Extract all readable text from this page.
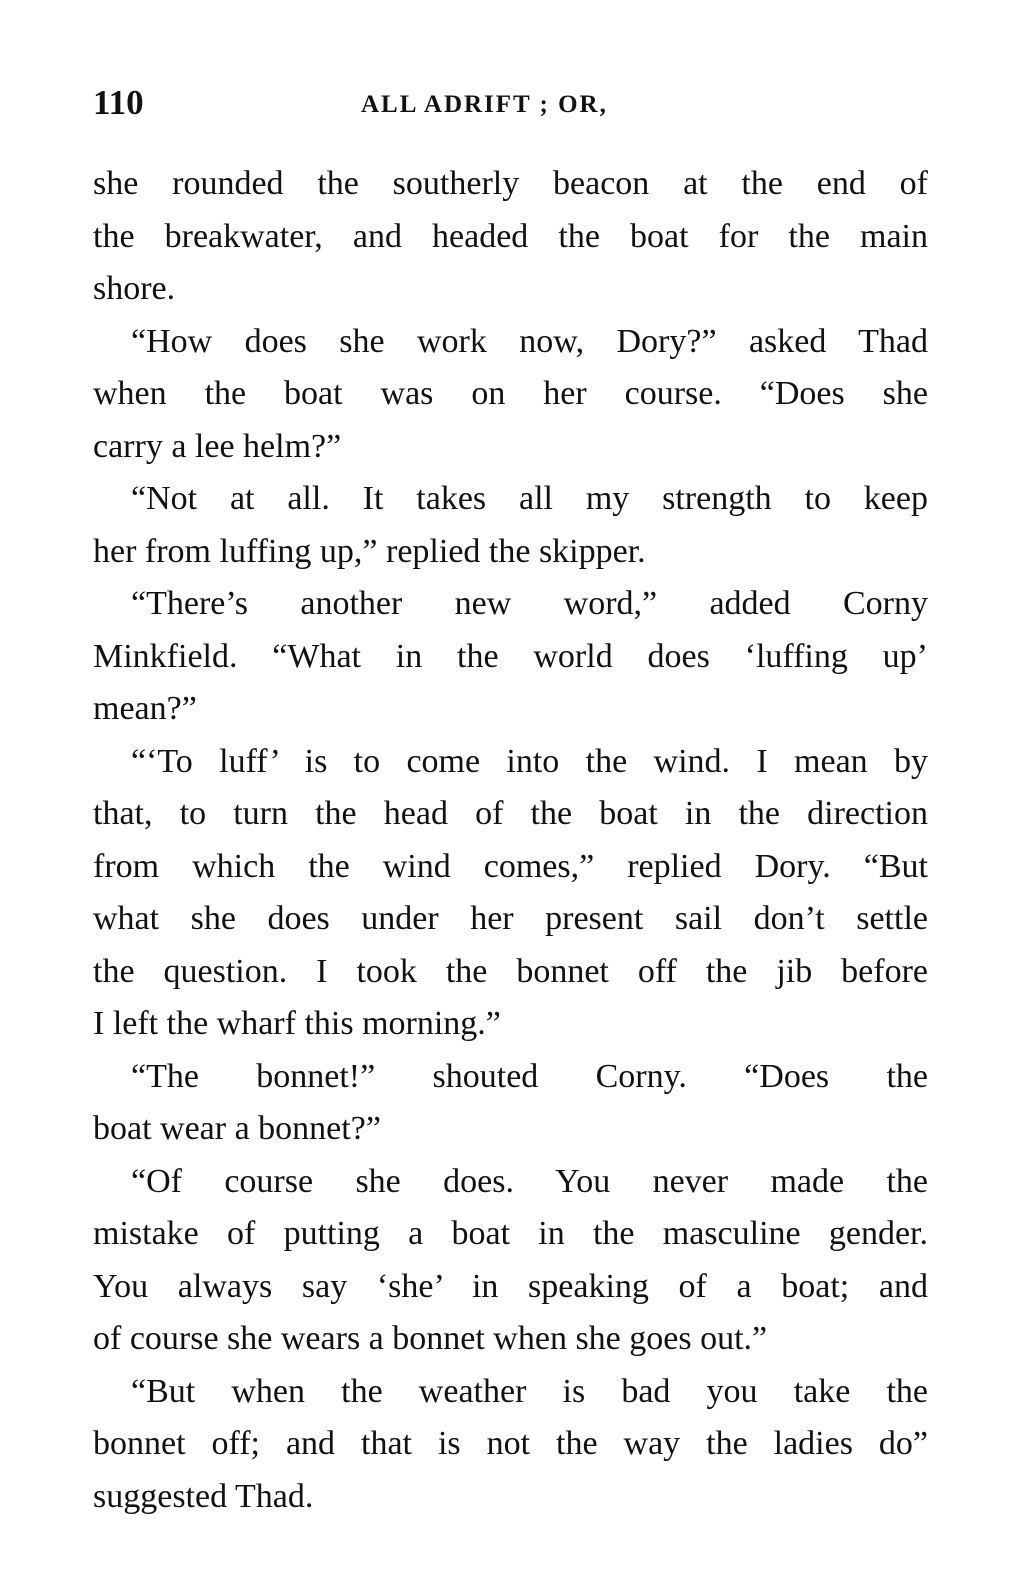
110	ALL ADRIFT ; OR,
she rounded the southerly beacon at the end of
the breakwater, and headed the boat for the main
shore.
“How does she work now, Dory?” asked Thad
when the boat was on her course. “Does she
carry a lee helm?”
“Not at all. It takes all my strength to keep
her from luffing up,” replied the skipper.
“There’s another new word,” added Corny
Minkfield. “What in the world does ‘luffing up’
mean?”
“‘To luff’ is to come into the wind. I mean by
that, to turn the head of the boat in the direction
from which the wind comes,” replied Dory. “But
what she does under her present sail don’t settle
the question. I took the bonnet off the jib before
I left the wharf this morning.”
“The bonnet!” shouted Corny. “Does the
boat wear a bonnet?”
“Of course she does. You never made the
mistake of putting a boat in the masculine gender.
You always say ‘she’ in speaking of a boat; and
of course she wears a bonnet when she goes out.”
“But when the weather is bad you take the
bonnet off; and that is not the way the ladies do”
suggested Thad.
